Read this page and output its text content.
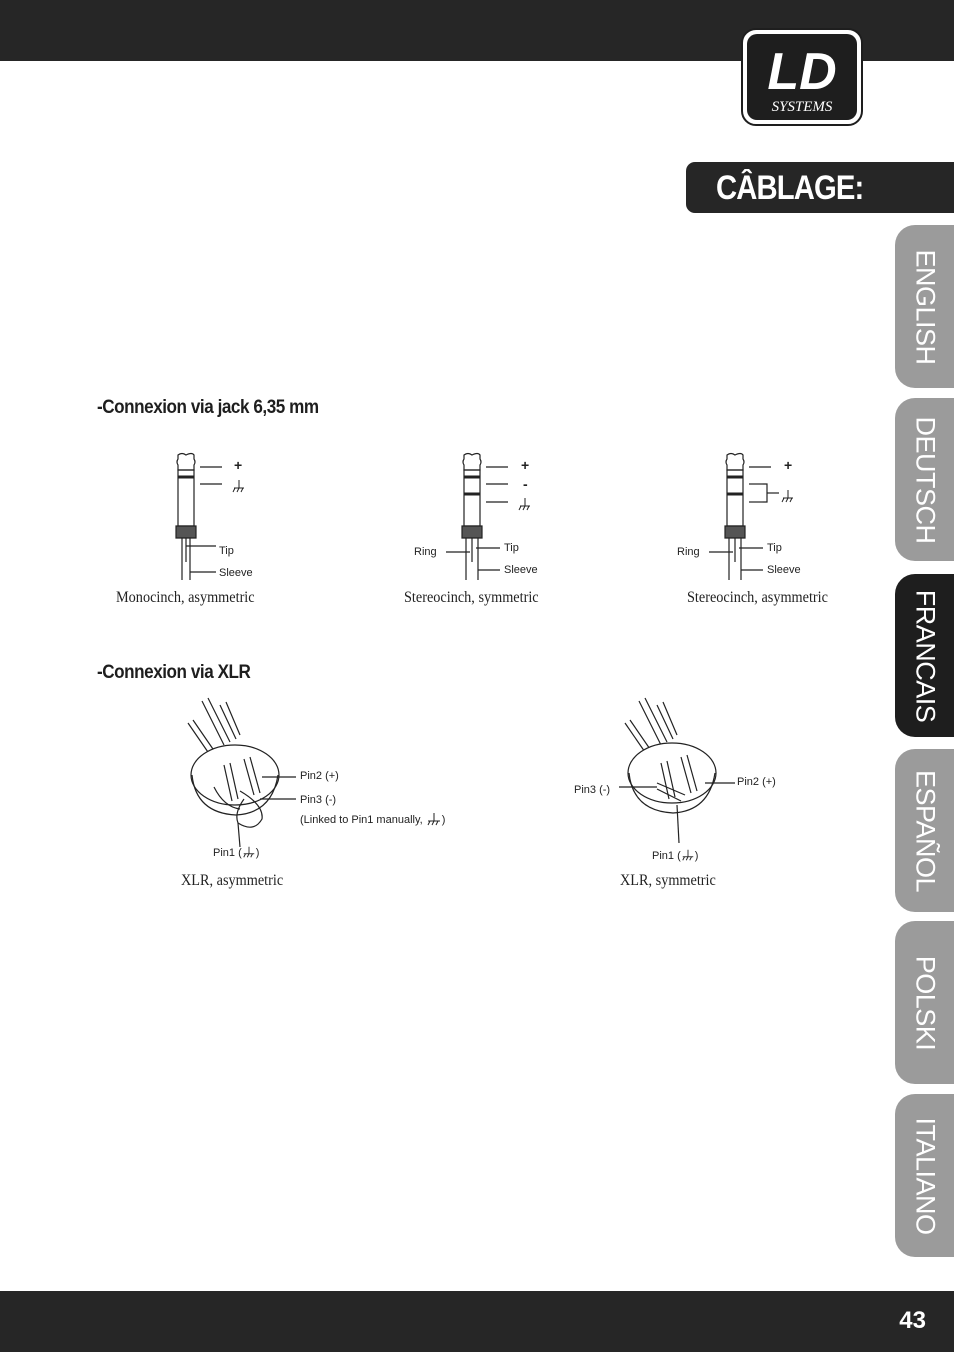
LD
SYSTEMS
CÂBLAGE:
ENGLISH
DEUTSCH
FRANCAIS
ESPAÑOL
POLSKI
ITALIANO
-Connexion via jack 6,35 mm
+
Tip
Sleeve
Monocinch, asymmetric
+
-
Ring	Tip
Sleeve
Stereocinch, symmetric
+
Ring	Tip
Sleeve
Stereocinch, asymmetric
-Connexion via XLR
Pin2 (+)
Pin3 (-)
(Linked to Pin1 manually, )
Pin1 ( )
XLR, asymmetric
Pin3 (-)
Pin2 (+)
Pin1 ( )
XLR, symmetric
43
